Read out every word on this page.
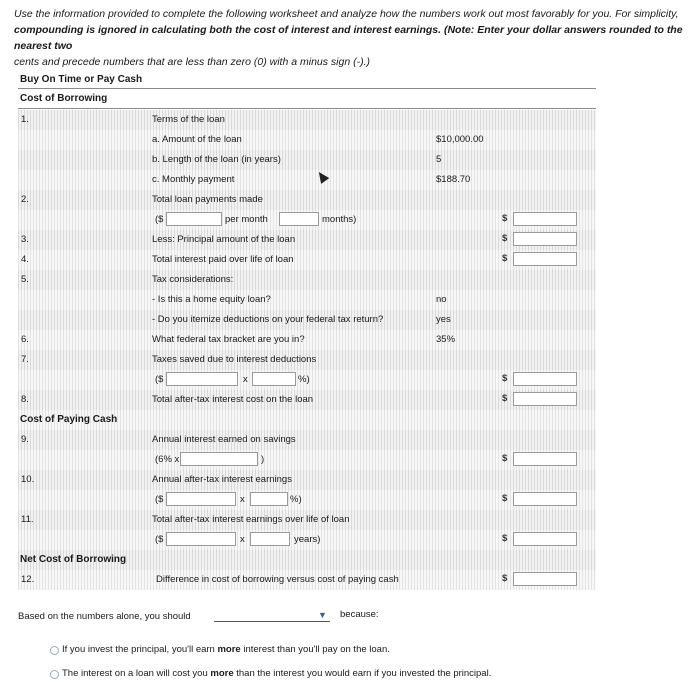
Use the information provided to complete the following worksheet and analyze how the numbers work out most favorably for you. For simplicity,
compounding is ignored in calculating both the cost of interest and interest earnings. (Note: Enter your dollar answers rounded to the nearest two
cents and precede numbers that are less than zero (0) with a minus sign (-).)
Buy On Time or Pay Cash
Cost of Borrowing
1.	Terms of the loan
a. Amount of the loan	$10,000.00
b. Length of the loan (in years)	5
c. Monthly payment	$188.70
2.	Total loan payments made
($	per month	months)	$
3.	Less: Principal amount of the loan	$
4.	Total interest paid over life of loan	$
5.	Tax considerations:
- Is this a home equity loan?	no
- Do you itemize deductions on your federal tax return?	yes
6.	What federal tax bracket are you in?	35%
7.	Taxes saved due to interest deductions
($	x	%)	$
8.	Total after-tax interest cost on the loan	$
Cost of Paying Cash
9.	Annual interest earned on savings
(6% x	)	$
10.	Annual after-tax interest earnings
($	x	%)	$
11.	Total after-tax interest earnings over life of loan
($	x	years)	$
Net Cost of Borrowing
12.	Difference in cost of borrowing versus cost of paying cash	$
Based on the numbers alone, you should	▼ because:
If you invest the principal, you'll earn more interest than you'll pay on the loan.
The interest on a loan will cost you more than the interest you would earn if you invested the principal.
